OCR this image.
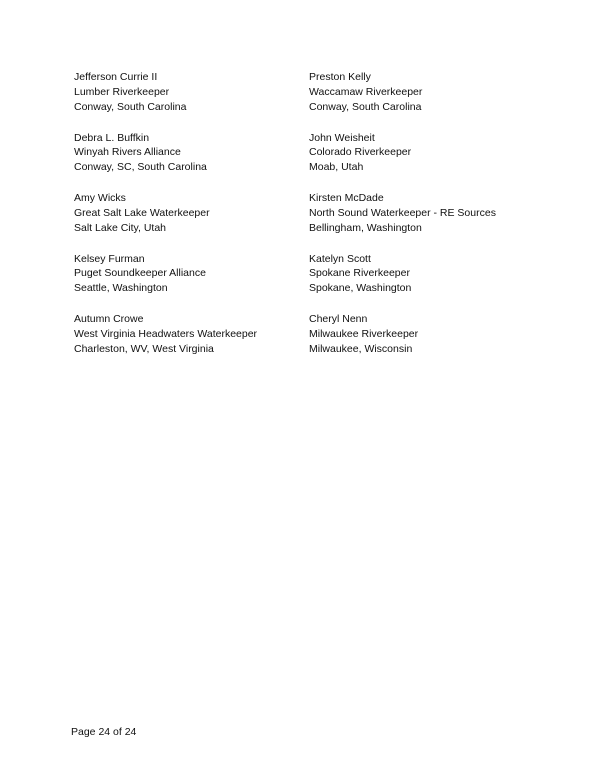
Jefferson Currie II
Lumber Riverkeeper
Conway, South Carolina
Preston Kelly
Waccamaw Riverkeeper
Conway, South Carolina
Debra L. Buffkin
Winyah Rivers Alliance
Conway, SC, South Carolina
John Weisheit
Colorado Riverkeeper
Moab, Utah
Amy Wicks
Great Salt Lake Waterkeeper
Salt Lake City, Utah
Kirsten McDade
North Sound Waterkeeper - RE Sources
Bellingham, Washington
Kelsey Furman
Puget Soundkeeper Alliance
Seattle, Washington
Katelyn Scott
Spokane Riverkeeper
Spokane, Washington
Autumn Crowe
West Virginia Headwaters Waterkeeper
Charleston, WV, West Virginia
Cheryl Nenn
Milwaukee Riverkeeper
Milwaukee, Wisconsin
Page 24 of 24
